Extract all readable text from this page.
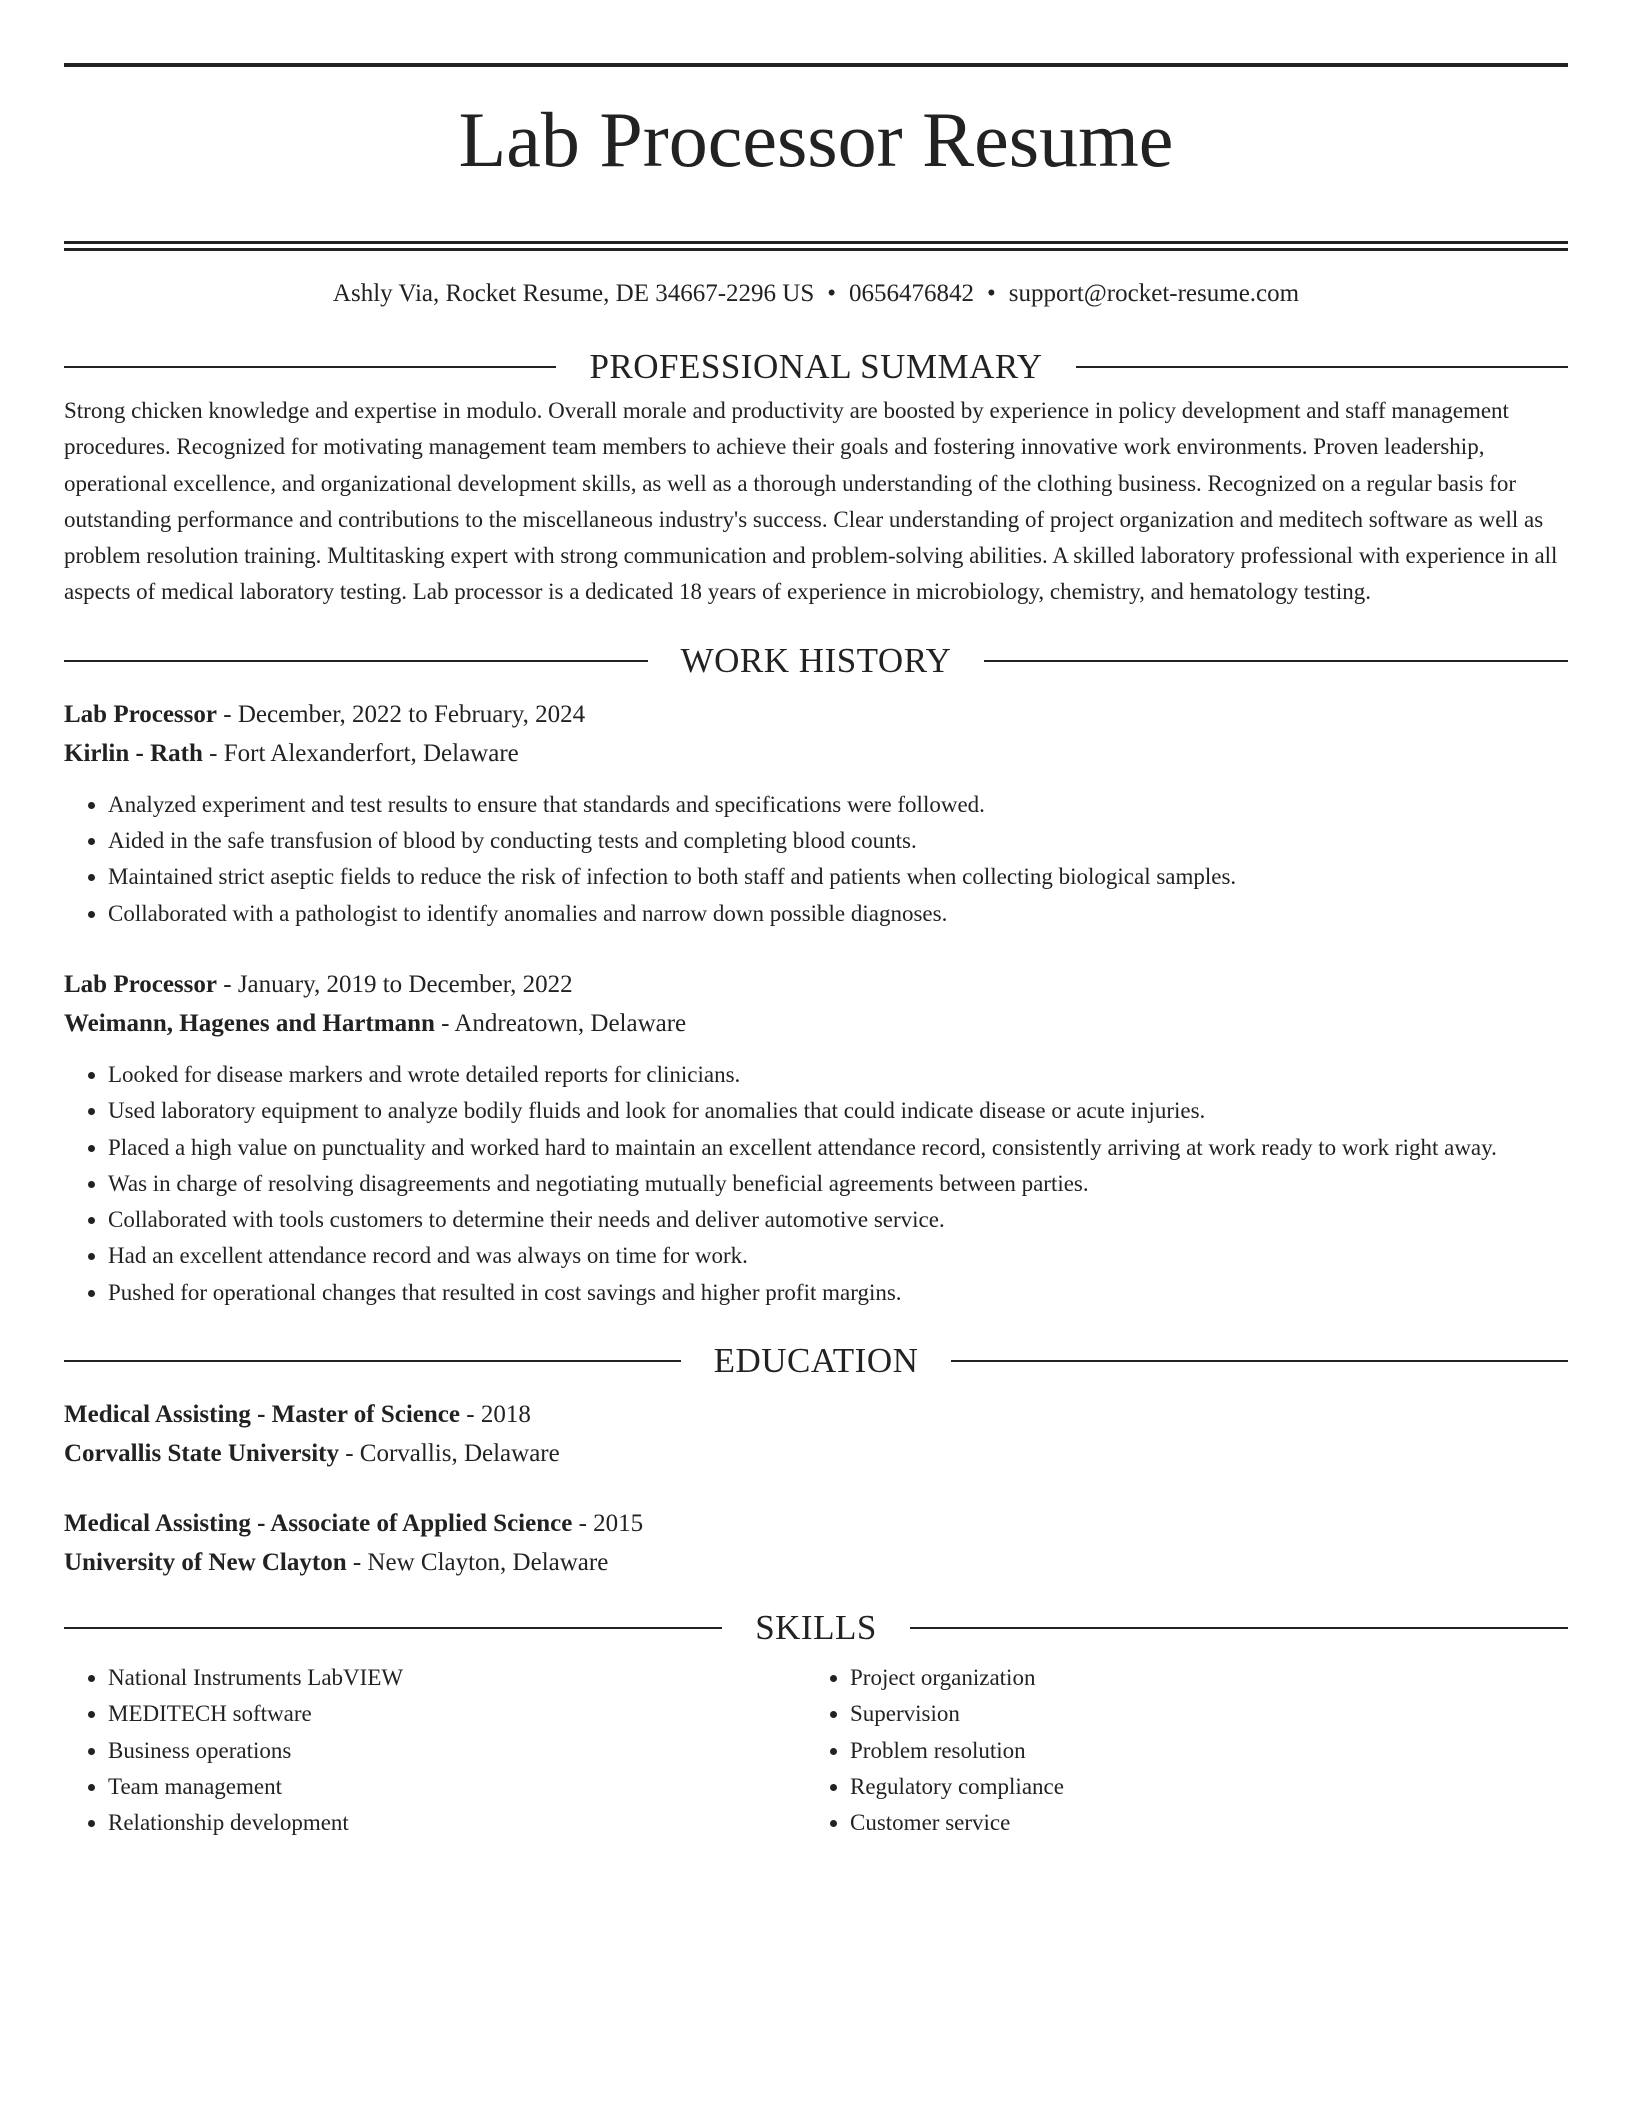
Lab Processor Resume
Ashly Via, Rocket Resume, DE 34667-2296 US • 0656476842 • support@rocket-resume.com
PROFESSIONAL SUMMARY
Strong chicken knowledge and expertise in modulo. Overall morale and productivity are boosted by experience in policy development and staff management procedures. Recognized for motivating management team members to achieve their goals and fostering innovative work environments. Proven leadership, operational excellence, and organizational development skills, as well as a thorough understanding of the clothing business. Recognized on a regular basis for outstanding performance and contributions to the miscellaneous industry's success. Clear understanding of project organization and meditech software as well as problem resolution training. Multitasking expert with strong communication and problem-solving abilities. A skilled laboratory professional with experience in all aspects of medical laboratory testing. Lab processor is a dedicated 18 years of experience in microbiology, chemistry, and hematology testing.
WORK HISTORY
Lab Processor - December, 2022 to February, 2024
Kirlin - Rath - Fort Alexanderfort, Delaware
• Analyzed experiment and test results to ensure that standards and specifications were followed.
• Aided in the safe transfusion of blood by conducting tests and completing blood counts.
• Maintained strict aseptic fields to reduce the risk of infection to both staff and patients when collecting biological samples.
• Collaborated with a pathologist to identify anomalies and narrow down possible diagnoses.
Lab Processor - January, 2019 to December, 2022
Weimann, Hagenes and Hartmann - Andreatown, Delaware
• Looked for disease markers and wrote detailed reports for clinicians.
• Used laboratory equipment to analyze bodily fluids and look for anomalies that could indicate disease or acute injuries.
• Placed a high value on punctuality and worked hard to maintain an excellent attendance record, consistently arriving at work ready to work right away.
• Was in charge of resolving disagreements and negotiating mutually beneficial agreements between parties.
• Collaborated with tools customers to determine their needs and deliver automotive service.
• Had an excellent attendance record and was always on time for work.
• Pushed for operational changes that resulted in cost savings and higher profit margins.
EDUCATION
Medical Assisting - Master of Science - 2018
Corvallis State University - Corvallis, Delaware
Medical Assisting - Associate of Applied Science - 2015
University of New Clayton - New Clayton, Delaware
SKILLS
• National Instruments LabVIEW
• MEDITECH software
• Business operations
• Team management
• Relationship development
• Project organization
• Supervision
• Problem resolution
• Regulatory compliance
• Customer service
